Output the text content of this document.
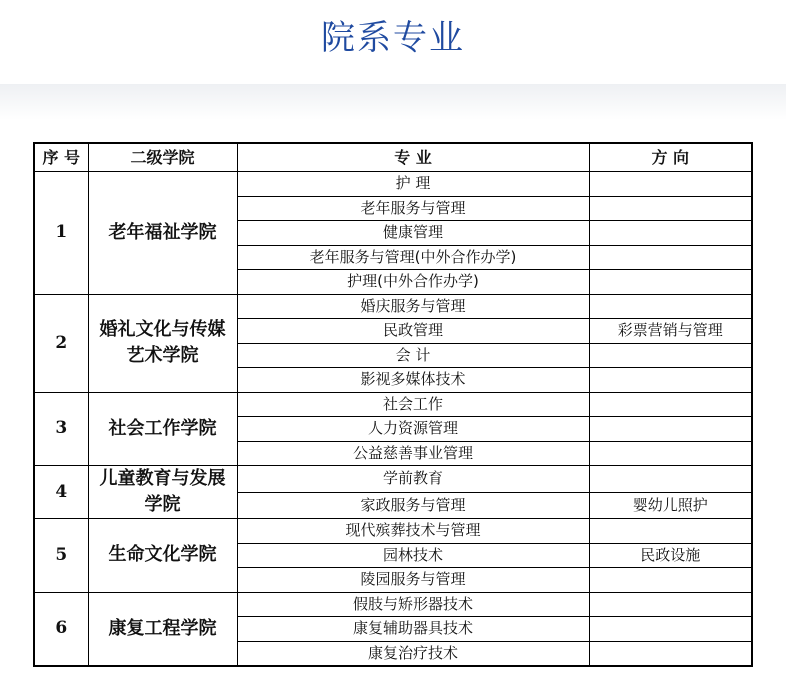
院系专业
序 号	二级学院	专 业	方 向
1	老年福祉学院	护 理	
		老年服务与管理	
		健康管理	
		老年服务与管理(中外合作办学)	
		护理(中外合作办学)	
2	婚礼文化与传媒艺术学院	婚庆服务与管理	
		民政管理	彩票营销与管理
		会 计	
		影视多媒体技术	
3	社会工作学院	社会工作	
		人力资源管理	
		公益慈善事业管理	
4	儿童教育与发展学院	学前教育	
		家政服务与管理	婴幼儿照护
5	生命文化学院	现代殡葬技术与管理	
		园林技术	民政设施
		陵园服务与管理	
6	康复工程学院	假肢与矫形器技术	
		康复辅助器具技术	
		康复治疗技术	
